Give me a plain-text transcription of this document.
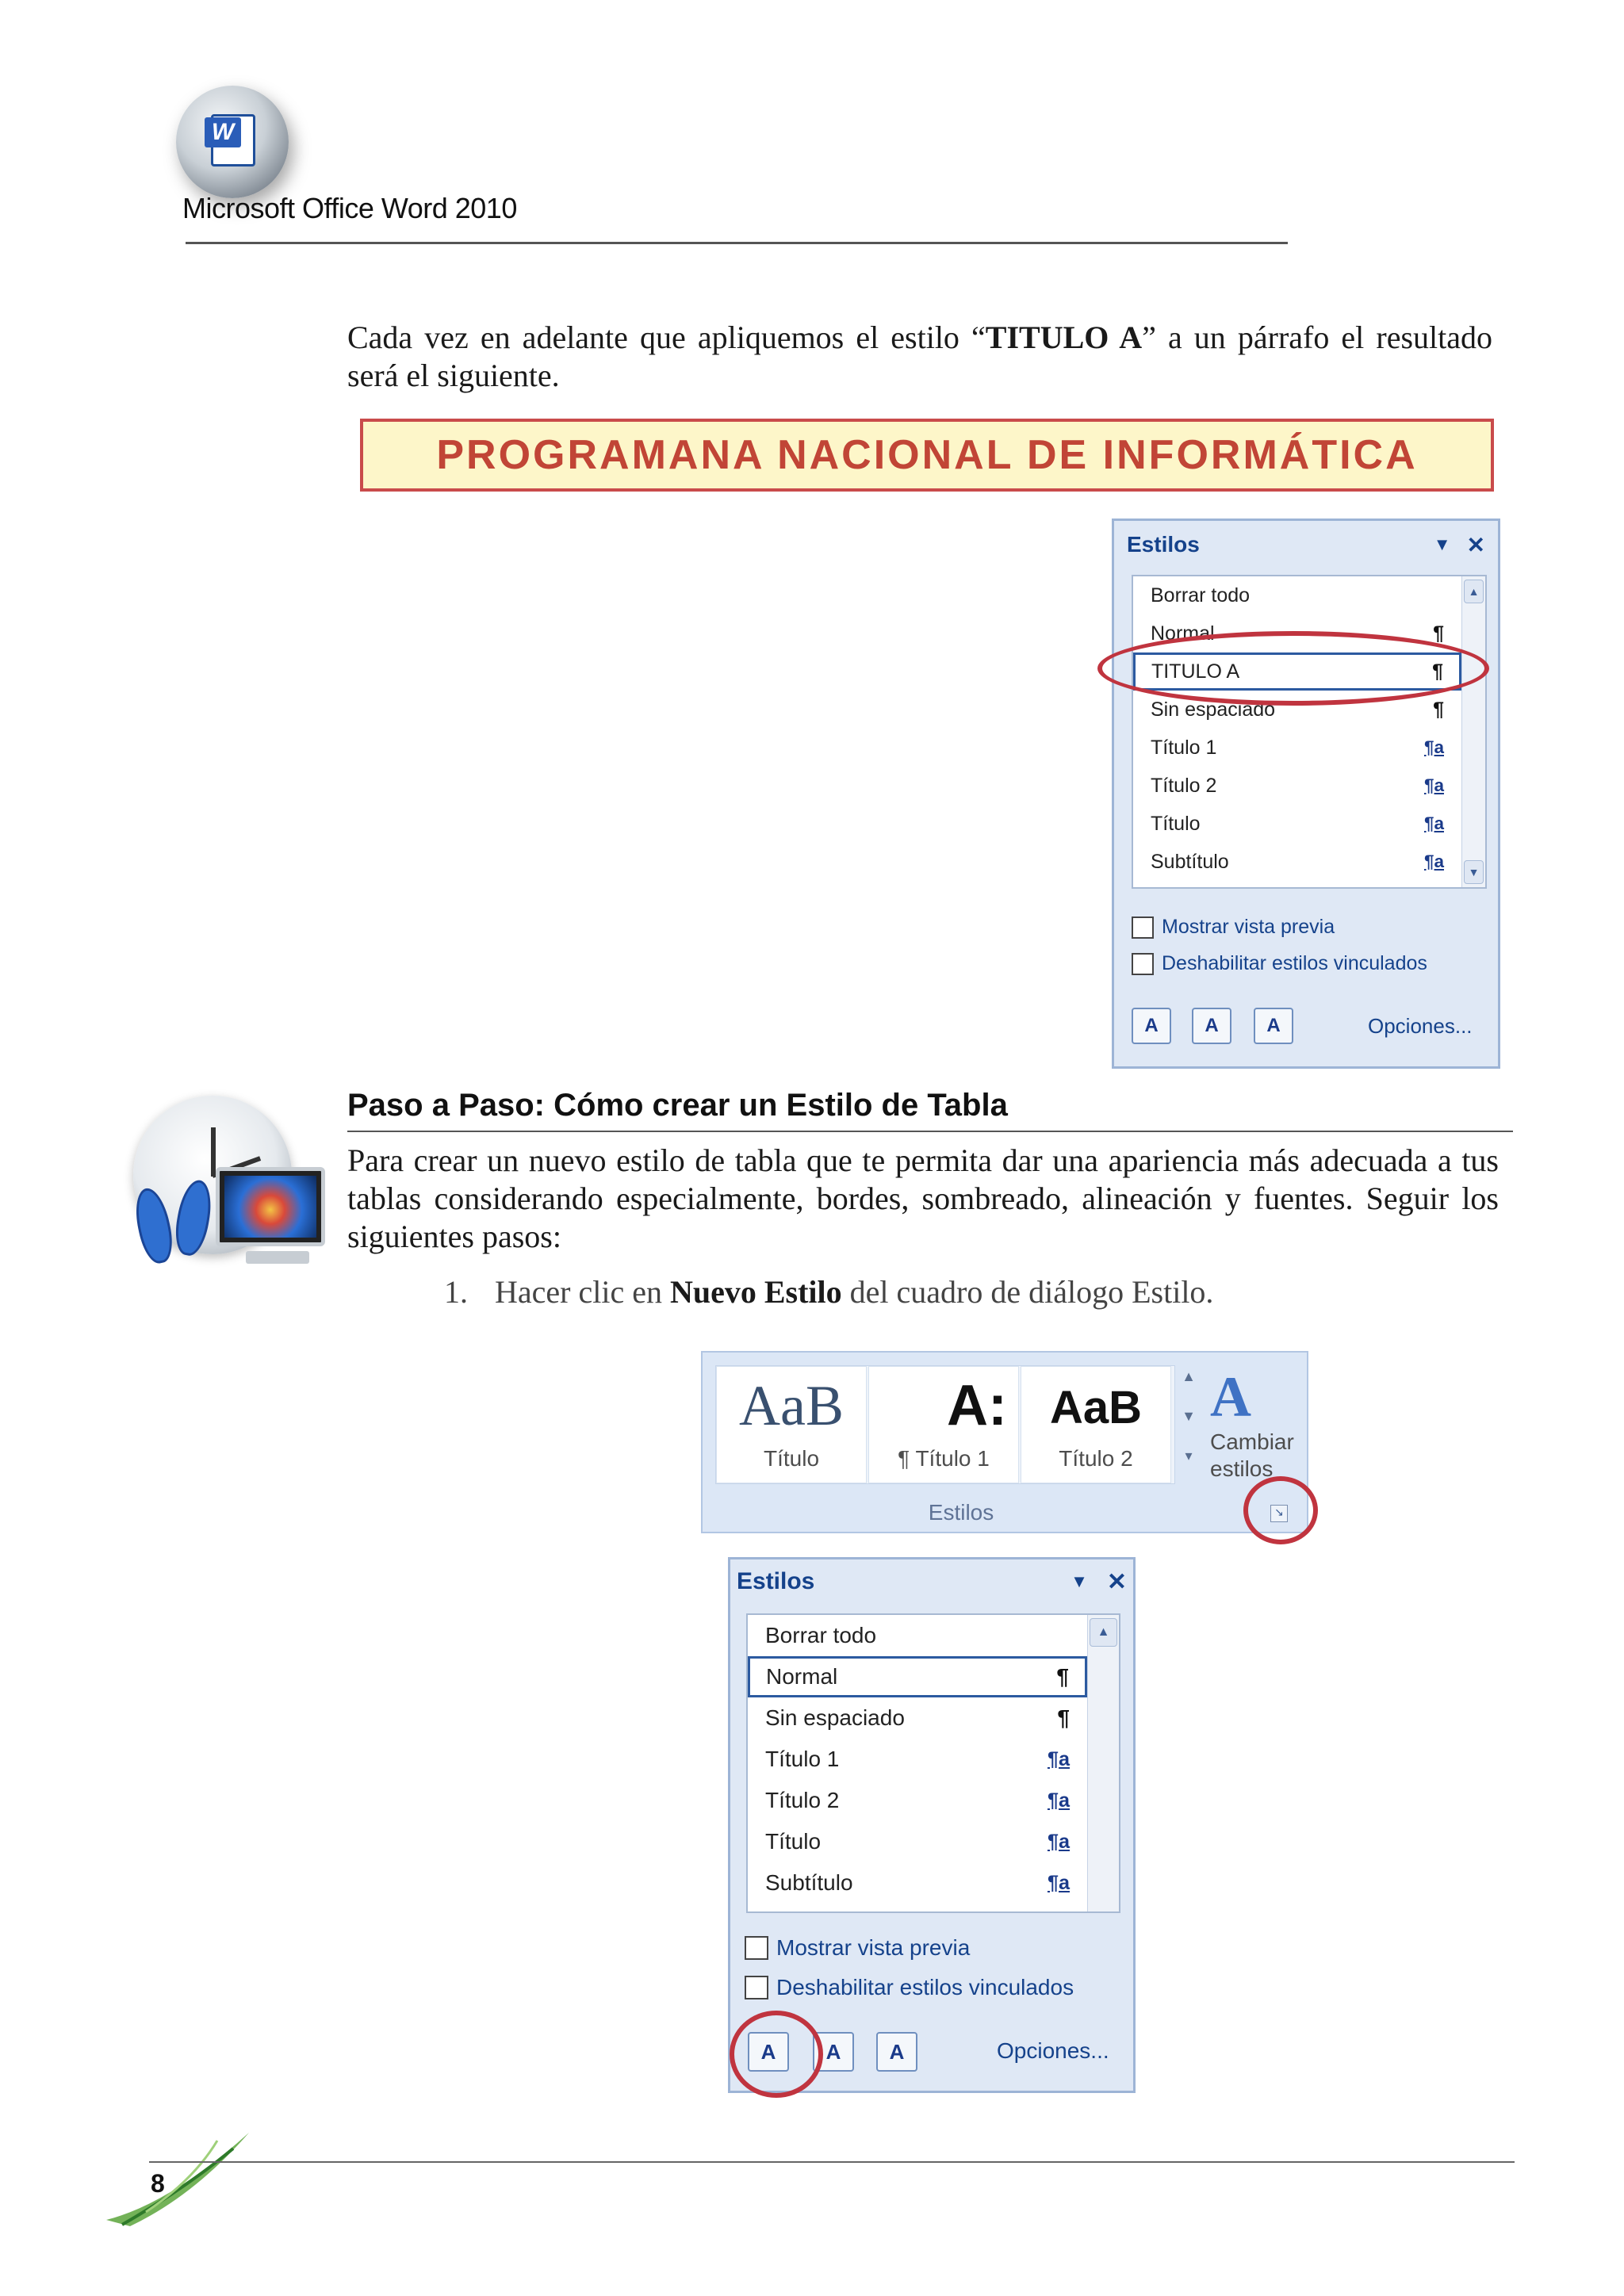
W
Microsoft Office Word 2010

Cada vez en adelante que apliquemos el estilo “TITULO A” a un párrafo el resultado será el siguiente.

PROGRAMANA NACIONAL DE INFORMÁTICA
Estilos	▼ ✕
Borrar todo
Normal	¶
TITULO A	¶
Sin espaciado	¶
Título 1	¶a
Título 2	¶a
Título	¶a
Subtítulo	¶a
▲
▼
Mostrar vista previa
Deshabilitar estilos vinculados
A	A	A	Opciones...
Paso a Paso: Cómo crear un Estilo de Tabla

Para crear un nuevo estilo de tabla que te permita dar una apariencia más adecuada a tus tablas considerando especialmente, bordes, sombreado, alineación y fuentes. Seguir los siguientes pasos:

1. Hacer clic en Nuevo Estilo del cuadro de diálogo Estilo.
AaB
Título
A:
¶ Título 1
AaB
Título 2
▲
▼
▾
A
Cambiar
estilos
Estilos	↘
Estilos	▼ ✕
Borrar todo
Normal	¶
Sin espaciado	¶
Título 1	¶a
Título 2	¶a
Título	¶a
Subtítulo	¶a
▲
Mostrar vista previa
Deshabilitar estilos vinculados
A	A	A	Opciones...
8
